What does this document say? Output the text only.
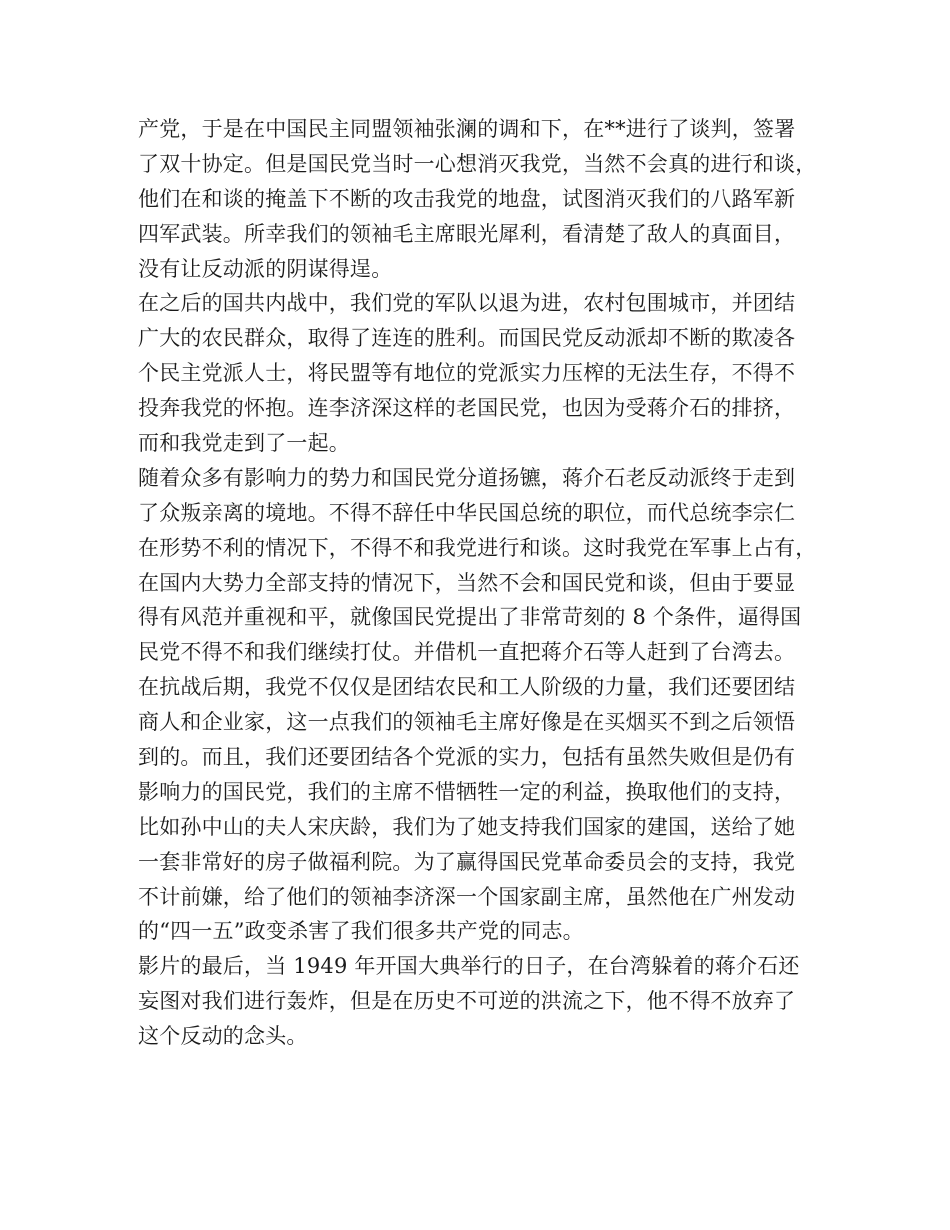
产党，于是在中国民主同盟领袖张澜的调和下，在**进行了谈判，签署
了双十协定。但是国民党当时一心想消灭我党，当然不会真的进行和谈，
他们在和谈的掩盖下不断的攻击我党的地盘，试图消灭我们的八路军新
四军武装。所幸我们的领袖毛主席眼光犀利，看清楚了敌人的真面目，
没有让反动派的阴谋得逞。
在之后的国共内战中，我们党的军队以退为进，农村包围城市，并团结
广大的农民群众，取得了连连的胜利。而国民党反动派却不断的欺凌各
个民主党派人士，将民盟等有地位的党派实力压榨的无法生存，不得不
投奔我党的怀抱。连李济深这样的老国民党，也因为受蒋介石的排挤，
而和我党走到了一起。
随着众多有影响力的势力和国民党分道扬镳，蒋介石老反动派终于走到
了众叛亲离的境地。不得不辞任中华民国总统的职位，而代总统李宗仁
在形势不利的情况下，不得不和我党进行和谈。这时我党在军事上占有，
在国内大势力全部支持的情况下，当然不会和国民党和谈，但由于要显
得有风范并重视和平，就像国民党提出了非常苛刻的 8 个条件，逼得国
民党不得不和我们继续打仗。并借机一直把蒋介石等人赶到了台湾去。
在抗战后期，我党不仅仅是团结农民和工人阶级的力量，我们还要团结
商人和企业家，这一点我们的领袖毛主席好像是在买烟买不到之后领悟
到的。而且，我们还要团结各个党派的实力，包括有虽然失败但是仍有
影响力的国民党，我们的主席不惜牺牲一定的利益，换取他们的支持，
比如孙中山的夫人宋庆龄，我们为了她支持我们国家的建国，送给了她
一套非常好的房子做福利院。为了赢得国民党革命委员会的支持，我党
不计前嫌，给了他们的领袖李济深一个国家副主席，虽然他在广州发动
的“四一五”政变杀害了我们很多共产党的同志。
影片的最后，当 1949 年开国大典举行的日子，在台湾躲着的蒋介石还
妄图对我们进行轰炸，但是在历史不可逆的洪流之下，他不得不放弃了
这个反动的念头。
